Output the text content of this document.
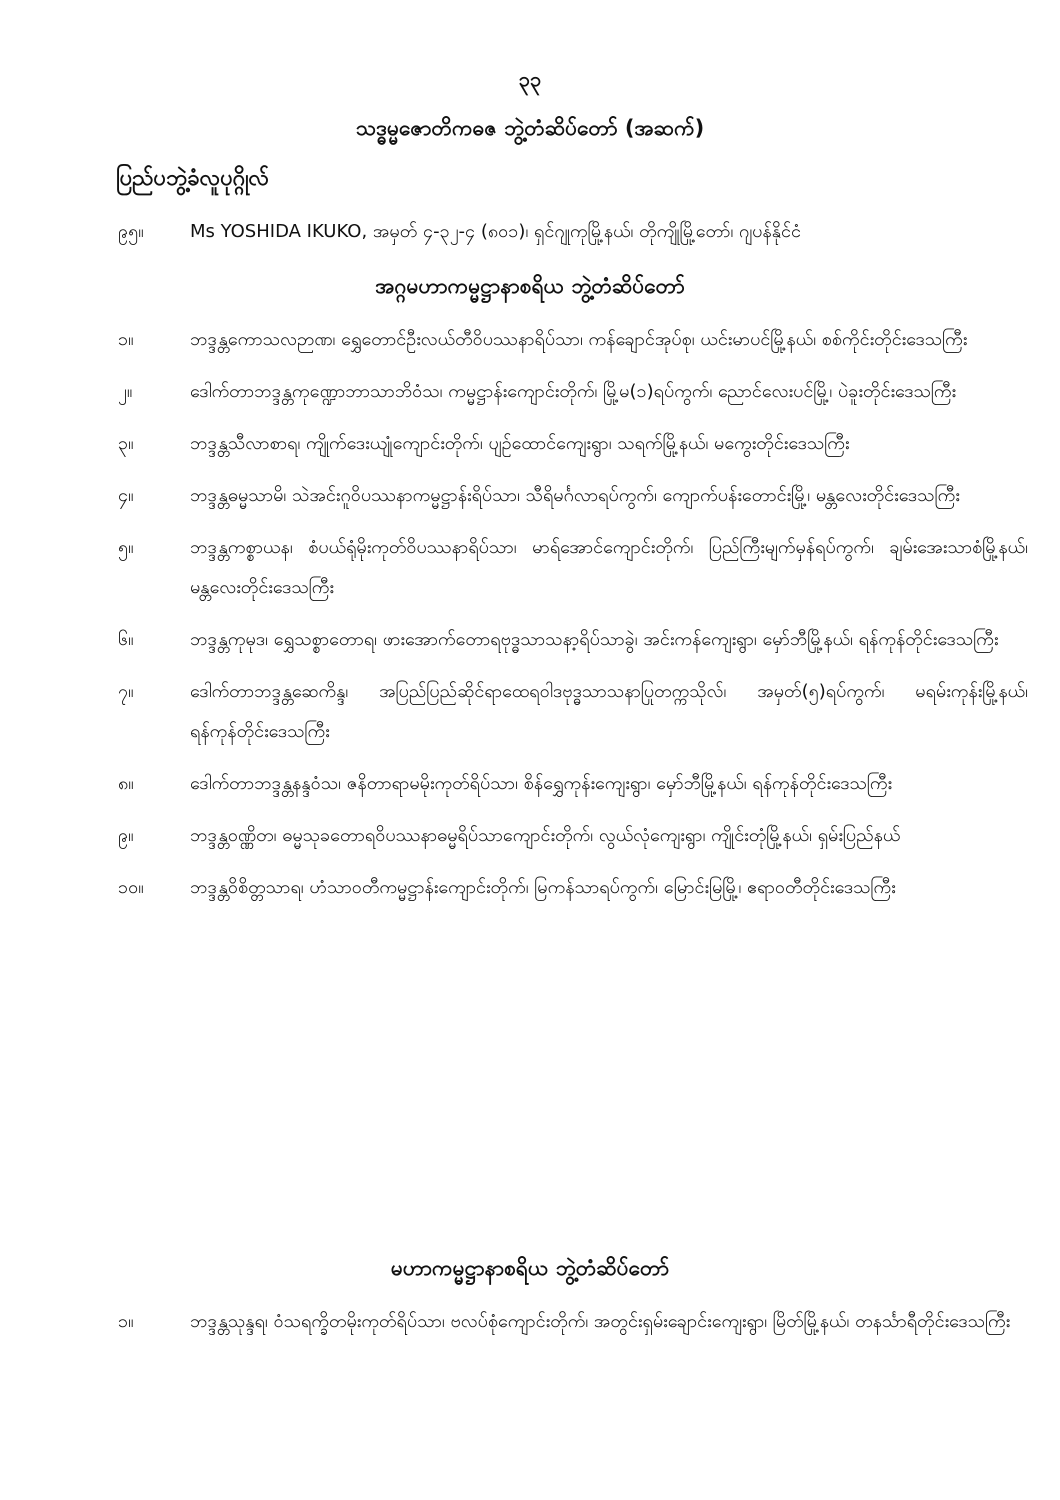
၃၃
သဒ္ဓမ္မဇောတိကဓဇ ဘွဲ့တံဆိပ်တော် (အဆက်)
ပြည်ပဘွဲ့ခံလူပုဂ္ဂိုလ်
၉၅။	Ms YOSHIDA IKUKO, အမှတ် ၄-၃၂-၄ (၈၀၁)၊ ရှင်ဂျုကုမြို့နယ်၊ တိုကျိုမြို့တော်၊ ဂျပန်နိုင်ငံ
အဂ္ဂမဟာကမ္မဋ္ဌာနာစရိယ ဘွဲ့တံဆိပ်တော်
၁။	ဘဒ္ဒန္တကောသလဉာဏ၊ ရွှေတောင်ဦးလယ်တီဝိပဿနာရိပ်သာ၊ ကန်ချောင်အုပ်စု၊ ယင်းမာပင်မြို့နယ်၊ စစ်ကိုင်းတိုင်းဒေသကြီး
၂။	ဒေါက်တာဘဒ္ဒန္တကုဏ္ဍောဘာသာဘိဝံသ၊ ကမ္မဋ္ဌာန်းကျောင်းတိုက်၊ မြို့မ(၁)ရပ်ကွက်၊ ညောင်လေးပင်မြို့၊ ပဲခူးတိုင်းဒေသကြီး
၃။	ဘဒ္ဒန္တသီလာစာရ၊ ကျိုက်ဒေးယျုံကျောင်းတိုက်၊ ပျဉ်ထောင်ကျေးရွာ၊ သရက်မြို့နယ်၊ မကွေးတိုင်းဒေသကြီး
၄။	ဘဒ္ဒန္တဓမ္မသာမိ၊ သဲအင်းဂူဝိပဿနာကမ္မဋ္ဌာန်းရိပ်သာ၊ သီရိမင်္ဂလာရပ်ကွက်၊ ကျောက်ပန်းတောင်းမြို့၊ မန္တလေးတိုင်းဒေသကြီး
၅။	ဘဒ္ဒန္တကစ္စာယန၊ စံပယ်ရုံမိုးကုတ်ဝိပဿနာရိပ်သာ၊ မာရ်အောင်ကျောင်းတိုက်၊ ပြည်ကြီးမျက်မှန်ရပ်ကွက်၊ ချမ်းအေးသာစံမြို့နယ်၊ မန္တလေးတိုင်းဒေသကြီး
၆။	ဘဒ္ဒန္တကုမုဒ၊ ရွှေသစ္စာတောရ၊ ဖားအောက်တောရဗုဒ္ဓသာသနာ့ရိပ်သာခွဲ၊ အင်းကန်ကျေးရွာ၊ မှော်ဘီမြို့နယ်၊ ရန်ကုန်တိုင်းဒေသကြီး
၇။	ဒေါက်တာဘဒ္ဒန္တဆေကိန္ဒ၊ အပြည်ပြည်ဆိုင်ရာထေရဝါဒဗုဒ္ဓသာသနာပြုတက္ကသိုလ်၊ အမှတ်(၅)ရပ်ကွက်၊ မရမ်းကုန်းမြို့နယ်၊ ရန်ကုန်တိုင်းဒေသကြီး
၈။	ဒေါက်တာဘဒ္ဒန္တနန္ဒဝံသ၊ ဇနိတာရာမမိုးကုတ်ရိပ်သာ၊ စိန်ရွှေကုန်းကျေးရွာ၊ မှော်ဘီမြို့နယ်၊ ရန်ကုန်တိုင်းဒေသကြီး
၉။	ဘဒ္ဒန္တဝဏ္ဏိတ၊ ဓမ္မသုခတောရဝိပဿနာဓမ္မရိပ်သာကျောင်းတိုက်၊ လွယ်လုံကျေးရွာ၊ ကျိုင်းတုံမြို့နယ်၊ ရှမ်းပြည်နယ်
၁၀။	ဘဒ္ဒန္တဝိစိတ္တသာရ၊ ဟံသာဝတီကမ္မဋ္ဌာန်းကျောင်းတိုက်၊ မြကန်သာရပ်ကွက်၊ မြောင်းမြမြို့၊ ဧရာဝတီတိုင်းဒေသကြီး
မဟာကမ္မဋ္ဌာနာစရိယ ဘွဲ့တံဆိပ်တော်
၁။	ဘဒ္ဒန္တသုန္ဒရ၊ ဝံသရက္ခိတမိုးကုတ်ရိပ်သာ၊ ဗလပ်စုံကျောင်းတိုက်၊ အတွင်းရှမ်းချောင်းကျေးရွာ၊ မြိတ်မြို့နယ်၊ တနင်္သာရီတိုင်းဒေသကြီး
